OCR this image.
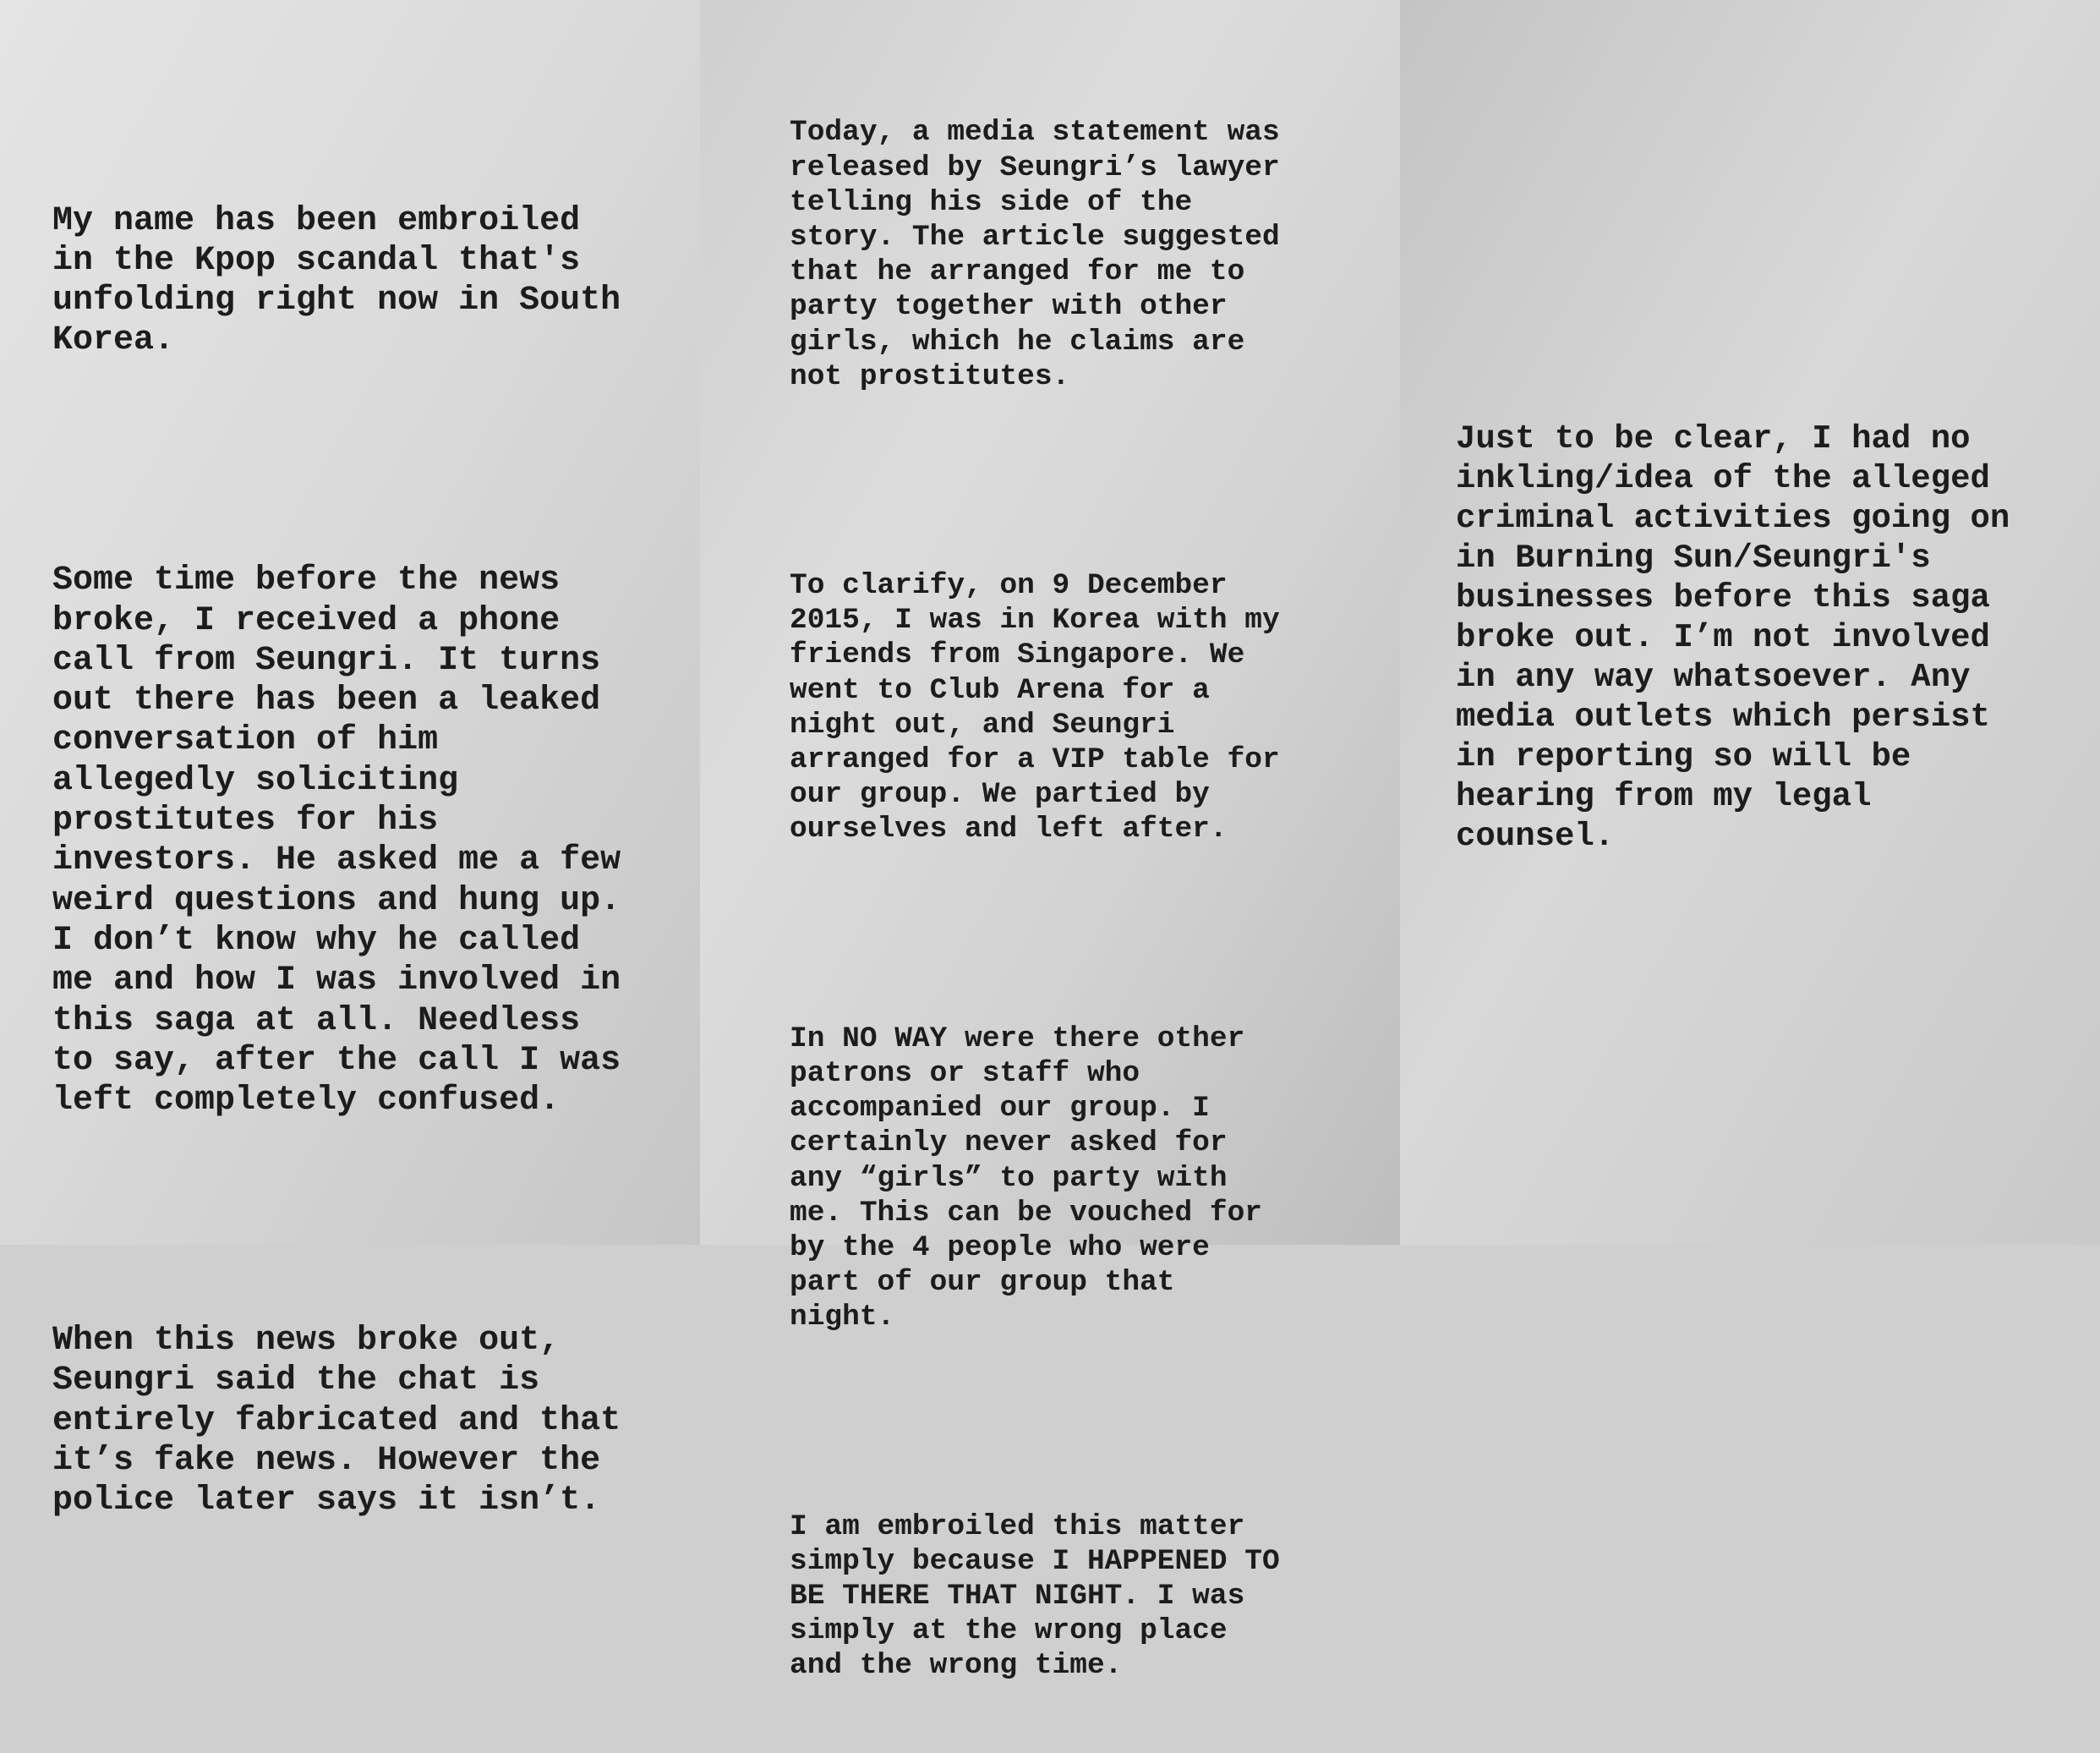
My name has been embroiled
in the Kpop scandal that's
unfolding right now in South
Korea.

Some time before the news
broke, I received a phone
call from Seungri. It turns
out there has been a leaked
conversation of him
allegedly soliciting
prostitutes for his
investors. He asked me a few
weird questions and hung up.
I don’t know why he called
me and how I was involved in
this saga at all. Needless
to say, after the call I was
left completely confused.

When this news broke out,
Seungri said the chat is
entirely fabricated and that
it’s fake news. However the
police later says it isn’t.

Today, a media statement was
released by Seungri’s lawyer
telling his side of the
story. The article suggested
that he arranged for me to
party together with other
girls, which he claims are
not prostitutes.

To clarify, on 9 December
2015, I was in Korea with my
friends from Singapore. We
went to Club Arena for a
night out, and Seungri
arranged for a VIP table for
our group. We partied by
ourselves and left after.

In NO WAY were there other
patrons or staff who
accompanied our group. I
certainly never asked for
any “girls” to party with
me. This can be vouched for
by the 4 people who were
part of our group that
night.

I am embroiled this matter
simply because I HAPPENED TO
BE THERE THAT NIGHT. I was
simply at the wrong place
and the wrong time.

Just to be clear, I had no
inkling/idea of the alleged
criminal activities going on
in Burning Sun/Seungri's
businesses before this saga
broke out. I’m not involved
in any way whatsoever. Any
media outlets which persist
in reporting so will be
hearing from my legal
counsel.
